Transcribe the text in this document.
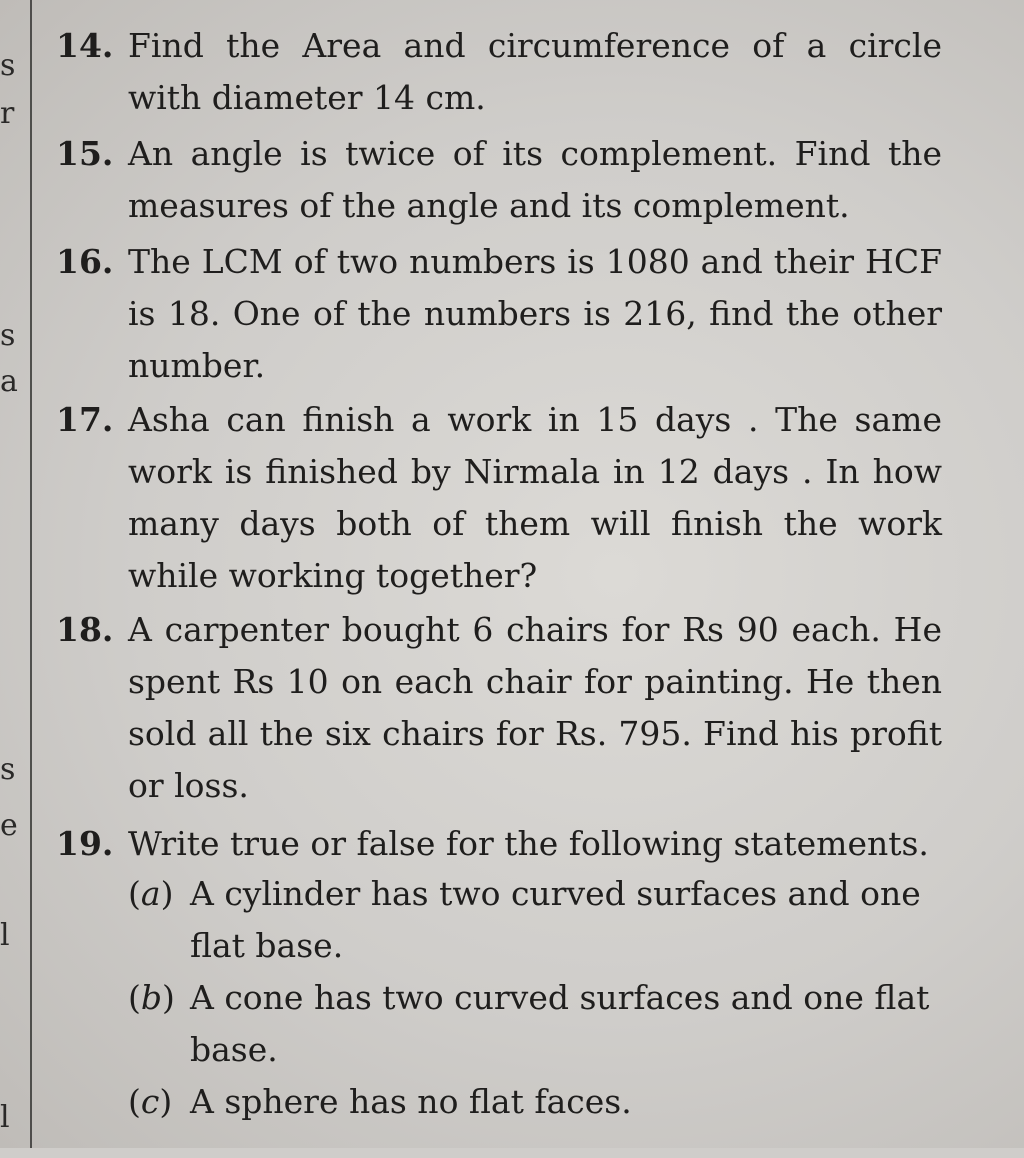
s
r
s
a
s
e
l
l
14. Find the Area and circumference of a circle with diameter 14 cm.
15. An angle is twice of its complement. Find the measures of the angle and its complement.
16. The LCM of two numbers is 1080 and their HCF is 18. One of the numbers is 216, find the other number.
17. Asha can finish a work in 15 days . The same work is finished by Nirmala in 12 days . In how many days both of them will finish the work while working together?
18. A carpenter bought 6 chairs for Rs 90 each. He spent Rs 10 on each chair for painting. He then sold all the six chairs for Rs. 795. Find his profit or loss.
19. Write true or false for the following statements.
(a) A cylinder has two curved surfaces and one flat base.
(b) A cone has two curved surfaces and one flat base.
(c) A sphere has no flat faces.
